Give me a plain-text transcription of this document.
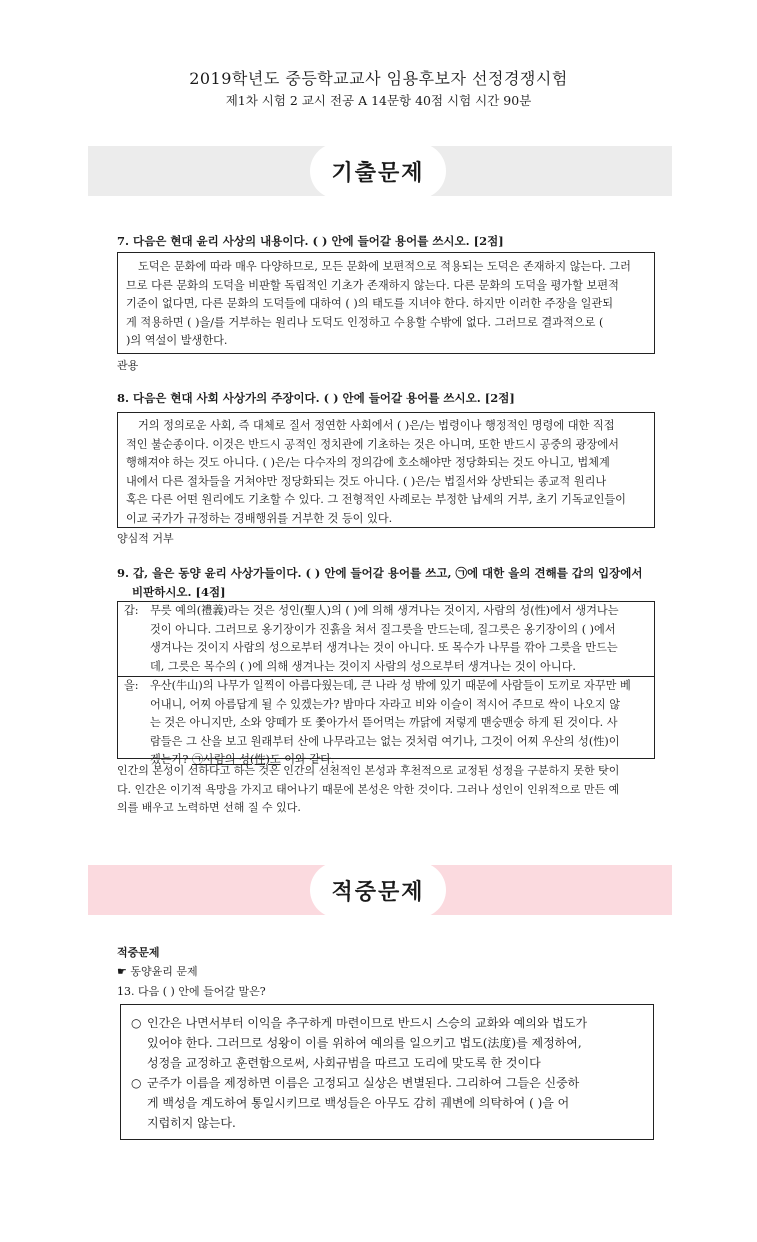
2019학년도 중등학교교사 임용후보자 선정경쟁시험
제1차 시험 2 교시 전공 A 14문항 40점 시험 시간 90분
기출문제
7. 다음은 현대 윤리 사상의 내용이다. ( ) 안에 들어갈 용어를 쓰시오. [2점]

도덕은 문화에 따라 매우 다양하므로, 모든 문화에 보편적으로 적용되는 도덕은 존재하지 않는다. 그러

므로 다른 문화의 도덕을 비판할 독립적인 기초가 존재하지 않는다. 다른 문화의 도덕을 평가할 보편적

기준이 없다면, 다른 문화의 도덕들에 대하여 ( )의 태도를 지녀야 한다. 하지만 이러한 주장을 일관되

게 적용하면 ( )을/를 거부하는 원리나 도덕도 인정하고 수용할 수밖에 없다. 그러므로 결과적으로 (

)의 역설이 발생한다.

관용
8. 다음은 현대 사회 사상가의 주장이다. ( ) 안에 들어갈 용어를 쓰시오. [2점]

거의 정의로운 사회, 즉 대체로 질서 정연한 사회에서 ( )은/는 법령이나 행정적인 명령에 대한 직접

적인 불순종이다. 이것은 반드시 공적인 정치관에 기초하는 것은 아니며, 또한 반드시 공중의 광장에서

행해져야 하는 것도 아니다. ( )은/는 다수자의 정의감에 호소해야만 정당화되는 것도 아니고, 법체계

내에서 다른 절차들을 거쳐야만 정당화되는 것도 아니다. ( )은/는 법질서와 상반되는 종교적 원리나

혹은 다른 어떤 원리에도 기초할 수 있다. 그 전형적인 사례로는 부정한 납세의 거부, 초기 기독교인들이

이교 국가가 규정하는 경배행위를 거부한 것 등이 있다.

양심적 거부
9. 갑, 을은 동양 윤리 사상가들이다. ( ) 안에 들어갈 용어를 쓰고, ㉠에 대한 을의 견해를 갑의 입장에서
비판하시오. [4점]
갑: 무릇 예의(禮義)라는 것은 성인(聖人)의 ( )에 의해 생겨나는 것이지, 사람의 성(性)에서 생겨나는
것이 아니다. 그러므로 옹기장이가 진흙을 쳐서 질그릇을 만드는데, 질그릇은 옹기장이의 ( )에서
생겨나는 것이지 사람의 성으로부터 생겨나는 것이 아니다. 또 목수가 나무를 깎아 그릇을 만드는
데, 그릇은 목수의 ( )에 의해 생겨나는 것이지 사람의 성으로부터 생겨나는 것이 아니다.
을: 우산(牛山)의 나무가 일찍이 아름다웠는데, 큰 나라 성 밖에 있기 때문에 사람들이 도끼로 자꾸만 베
어내니, 어찌 아름답게 될 수 있겠는가? 밤마다 자라고 비와 이슬이 적시어 주므로 싹이 나오지 않
는 것은 아니지만, 소와 양떼가 또 쫓아가서 뜯어먹는 까닭에 저렇게 맨숭맨숭 하게 된 것이다. 사
람들은 그 산을 보고 원래부터 산에 나무라고는 없는 것처럼 여기나, 그것이 어찌 우산의 성(性)이
겠는가? ㉠사람의 성(性)도 이와 같다.
인간의 본성이 선하다고 하는 것은 인간의 선천적인 본성과 후천적으로 교정된 성정을 구분하지 못한 탓이
다. 인간은 이기적 욕망을 가지고 태어나기 때문에 본성은 악한 것이다. 그러나 성인이 인위적으로 만든 예
의를 배우고 노력하면 선해 질 수 있다.
적중문제
적중문제
☛ 동양윤리 문제
13. 다음 ( ) 안에 들어갈 말은?
○ 인간은 나면서부터 이익을 추구하게 마련이므로 반드시 스승의 교화와 예의와 법도가
있어야 한다. 그러므로 성왕이 이를 위하여 예의를 일으키고 법도(法度)를 제정하여,
성정을 교정하고 훈련함으로써, 사회규범을 따르고 도리에 맞도록 한 것이다
○ 군주가 이름을 제정하면 이름은 고정되고 실상은 변별된다. 그리하여 그들은 신중하
게 백성을 계도하여 통일시키므로 백성들은 아무도 감히 궤변에 의탁하여 ( )을 어
지럽히지 않는다.
